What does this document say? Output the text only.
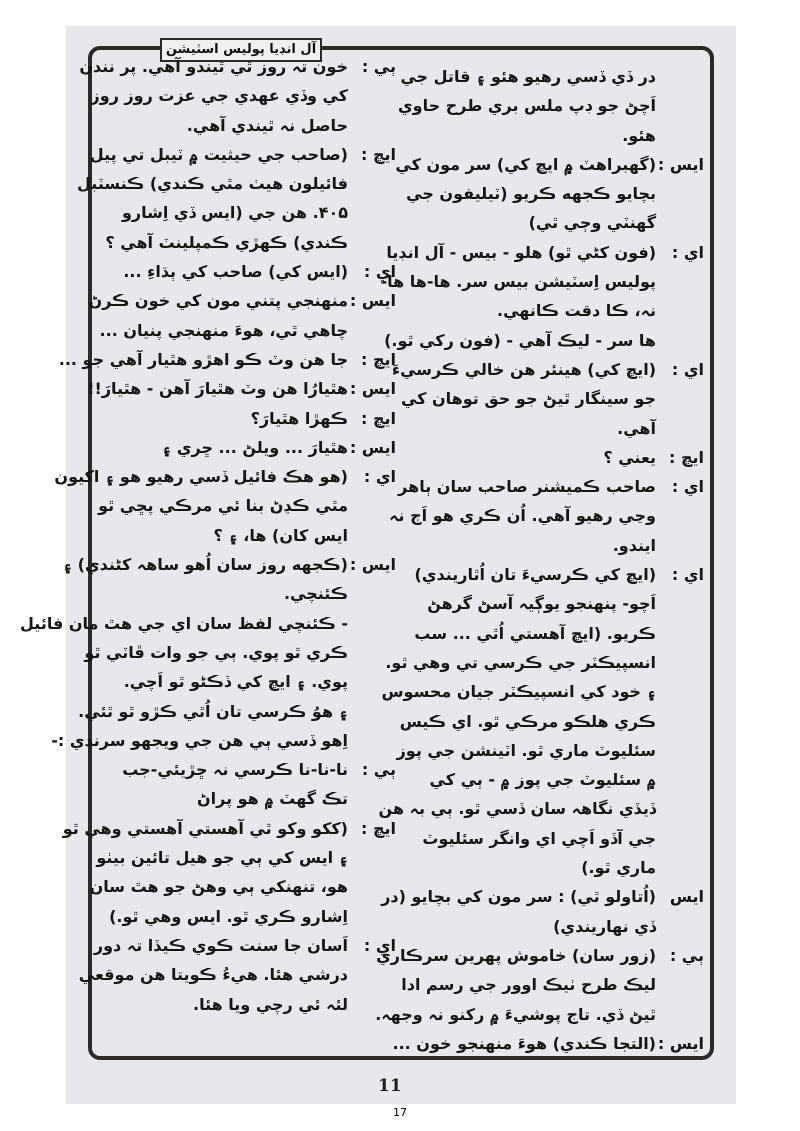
آل انڊيا پوليس اسٽيشن
در ڏي ڏسي رهيو هئو ۽ قاتل جي
اَچڻ جو ڊپ ملس بري طرح حاوي
هئو.
ايس :
(گهبراهٽ ۾ ايڇ کي) سر مون کي
بچايو ڪجهه ڪريو (ٽيليفون جي
گهنٽي وڄي ٿي)
اي :
(فون کڻي ٿو) هلو - بيس - آل انڊيا
پوليس اِسٽيشن بيس سر. ها-ها ها-
نہ، ڪا دقت ڪانهي.
ها سر - ليڪ آهي - (فون رکي ٿو.)
اي :
(ايڇ کي) هينئر هن خالي ڪرسيءَ
جو سينگار ٿيڻ جو حق توهان کي
آهي.
ايڇ :
يعني ؟
اي :
صاحب ڪميشنر صاحب سان ٻاهر
وڃي رهيو آهي. اُن ڪري هو اَڄ نہ
ايندو.
اي :
(ايڇ کي ڪرسيءَ تان اُٿاريندي)
اَچو- پنهنجو يوڳيہ آسڻ گرهڻ
ڪريو. (ايڇ آهستي اُٿي ... سب
انسپيڪٽر جي ڪرسي تي وهي ٿو.
۽ خود کي انسپيڪٽر جيان محسوس
ڪري هلڪو مرڪي ٿو. اي ڪيس
سئليوٽ ماري ٿو. اٽينشن جي پوز
۾ سئليوٽ جي پوز ۾ - ٻي کي
ڏيڏي نگاهہ سان ڏسي ٿو. ٻي بہ هن
جي آڏو اَچي اي وانگر سئليوٽ
ماري ٿو.)
ايس
(اُتاولو ٿي) : سر مون کي بچايو (در
ڏي نهاريندي)
ٻي :
(زور سان) خاموش پهرين سرڪاري
ليڪ طرح ٺيڪ اوور جي رسم ادا
ٿيڻ ڏي. تاج پوشيءَ ۾ رکنو نہ وجهہ.
ايس :
(التجا ڪندي) هوءَ منهنجو خون ...
ٻي :
خون تہ روز ٿي ٿيندو آهي. پر نندن
کي وڏي عهدي جي عزت روز روز
حاصل نہ ٿيندي آهي.
ايڇ :
(صاحب جي حيثيت ۾ ٽيبل تي پيل
فائيلون هيٺ مٿي ڪندي) ڪنسٽبل
۴۰۵. هن جي (ايس ڏي اِشارو
ڪندي) ڪهڙي ڪمپلينٽ آهي ؟
اي :
(ايس کي) صاحب کي ٻڌاءِ ...
ايس :
منهنجي پتني مون کي خون ڪرڻ
چاهي ٿي، هوءَ منهنجي پنيان ...
ايڇ :
جا هن وٽ ڪو اهڙو هٿيار آهي جو ...
ايس :
هٿيارُا هن وٽ هٿيارَ آهن - هٿيارَ!!
ايڇ :
ڪهڙا هٿيارَ؟
ايس :
هٿيارَ ... ويلڻ ... ڇري ۽
اي :
(هو هڪ فائيل ڏسي رهيو هو ۽ اکيون
مٿي ڪڍڻ بنا ئي مرڪي پڇي ٿو
ايس کان) ها، ۽ ؟
ايس :
(ڪجهه روز سان اُهو ساهہ کڻندي) ۽
ڪئنچي.
- ڪئنچي لفظ سان اي جي هٿ مان فائيل
ڪري ٿو پوي. ٻي جو وات ڦاٽي ٿو
پوي. ۽ ايڇ کي ڏڪڻو ٿو اَچي.
۽ هوُ ڪرسي تان اُٿي ڪڙو ٿو ٿئي.
اِهو ڏسي ٻي هن جي ويجهو سرندي :-
ٻي :
نا-نا-نا ڪرسي نہ ڇڙيئي-جب
تڪ گهٽ ۾ هو پراڻ
ايڇ :
(ککو وکو ٿي آهستي آهستي وهي ٿو
۽ ايس کي ٻي جو هيل تائين بيٺو
هو، تنهنکي ٻي وهڻ جو هٿ سان
اِشارو ڪري ٿو. ايس وهي ٿو.)
اي :
اَسان جا سنت ڪوي ڪيڏا تہ دور
درشي هئا. هيءُ ڪويتا هن موقعي
لئہ ئي رچي ويا هئا.
11
17
